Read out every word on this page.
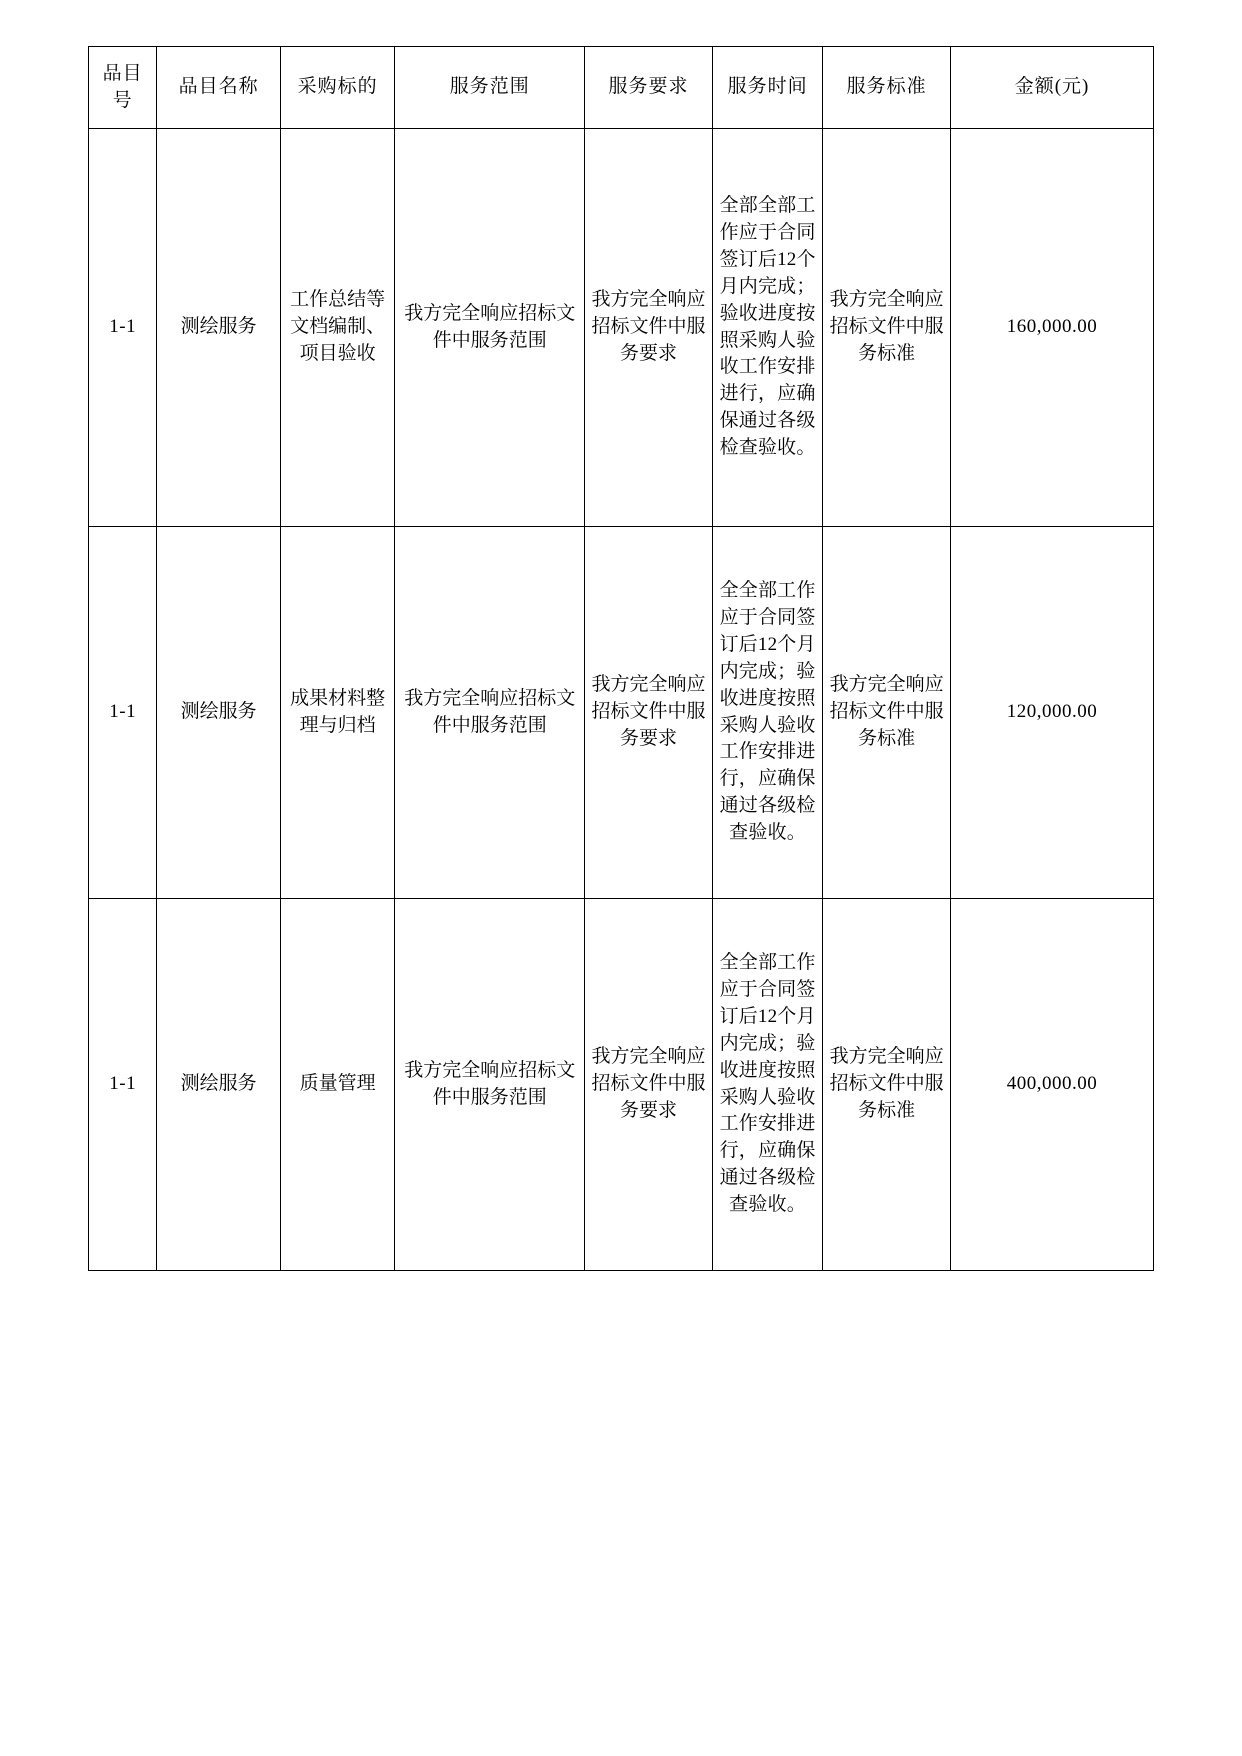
品目号	品目名称	采购标的	服务范围	服务要求	服务时间	服务标准	金额(元)
1-1	测绘服务	工作总结等文档编制、项目验收	我方完全响应招标文件中服务范围	我方完全响应招标文件中服务要求	全部全部工作应于合同签订后12个月内完成；验收进度按照采购人验收工作安排进行，应确保通过各级检查验收。	我方完全响应招标文件中服务标准	160,000.00
1-1	测绘服务	成果材料整理与归档	我方完全响应招标文件中服务范围	我方完全响应招标文件中服务要求	全全部工作应于合同签订后12个月内完成；验收进度按照采购人验收工作安排进行，应确保通过各级检查验收。	我方完全响应招标文件中服务标准	120,000.00
1-1	测绘服务	质量管理	我方完全响应招标文件中服务范围	我方完全响应招标文件中服务要求	全全部工作应于合同签订后12个月内完成；验收进度按照采购人验收工作安排进行，应确保通过各级检查验收。	我方完全响应招标文件中服务标准	400,000.00
